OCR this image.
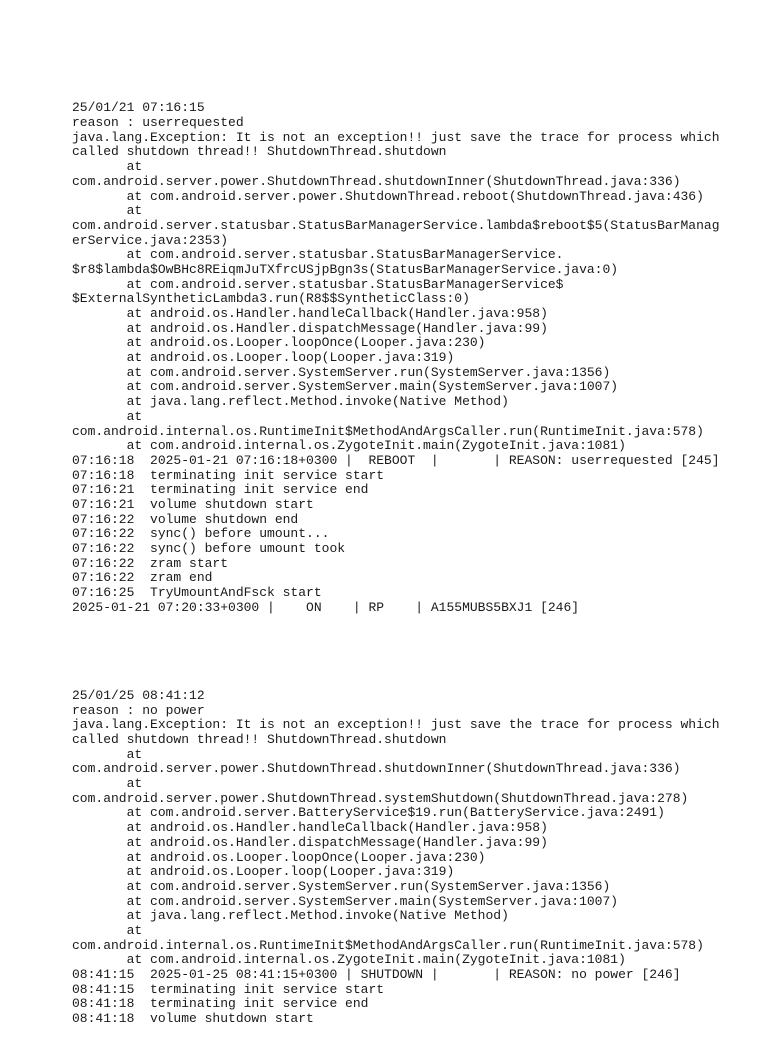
25/01/21 07:16:15
reason : userrequested
java.lang.Exception: It is not an exception!! just save the trace for process which
called shutdown thread!! ShutdownThread.shutdown
at
com.android.server.power.ShutdownThread.shutdownInner(ShutdownThread.java:336)
at com.android.server.power.ShutdownThread.reboot(ShutdownThread.java:436)
at
com.android.server.statusbar.StatusBarManagerService.lambda$reboot$5(StatusBarManag
erService.java:2353)
at com.android.server.statusbar.StatusBarManagerService.
$r8$lambda$OwBHc8REiqmJuTXfrcUSjpBgn3s(StatusBarManagerService.java:0)
at com.android.server.statusbar.StatusBarManagerService$
$ExternalSyntheticLambda3.run(R8$$SyntheticClass:0)
at android.os.Handler.handleCallback(Handler.java:958)
at android.os.Handler.dispatchMessage(Handler.java:99)
at android.os.Looper.loopOnce(Looper.java:230)
at android.os.Looper.loop(Looper.java:319)
at com.android.server.SystemServer.run(SystemServer.java:1356)
at com.android.server.SystemServer.main(SystemServer.java:1007)
at java.lang.reflect.Method.invoke(Native Method)
at
com.android.internal.os.RuntimeInit$MethodAndArgsCaller.run(RuntimeInit.java:578)
at com.android.internal.os.ZygoteInit.main(ZygoteInit.java:1081)
07:16:18  2025-01-21 07:16:18+0300 |  REBOOT  |       | REASON: userrequested [245]
07:16:18  terminating init service start
07:16:21  terminating init service end
07:16:21  volume shutdown start
07:16:22  volume shutdown end
07:16:22  sync() before umount...
07:16:22  sync() before umount took
07:16:22  zram start
07:16:22  zram end
07:16:25  TryUmountAndFsck start
2025-01-21 07:20:33+0300 |    ON    | RP    | A155MUBS5BXJ1 [246]

25/01/25 08:41:12
reason : no power
java.lang.Exception: It is not an exception!! just save the trace for process which
called shutdown thread!! ShutdownThread.shutdown
at
com.android.server.power.ShutdownThread.shutdownInner(ShutdownThread.java:336)
at
com.android.server.power.ShutdownThread.systemShutdown(ShutdownThread.java:278)
at com.android.server.BatteryService$19.run(BatteryService.java:2491)
at android.os.Handler.handleCallback(Handler.java:958)
at android.os.Handler.dispatchMessage(Handler.java:99)
at android.os.Looper.loopOnce(Looper.java:230)
at android.os.Looper.loop(Looper.java:319)
at com.android.server.SystemServer.run(SystemServer.java:1356)
at com.android.server.SystemServer.main(SystemServer.java:1007)
at java.lang.reflect.Method.invoke(Native Method)
at
com.android.internal.os.RuntimeInit$MethodAndArgsCaller.run(RuntimeInit.java:578)
at com.android.internal.os.ZygoteInit.main(ZygoteInit.java:1081)
08:41:15  2025-01-25 08:41:15+0300 | SHUTDOWN |       | REASON: no power [246]
08:41:15  terminating init service start
08:41:18  terminating init service end
08:41:18  volume shutdown start
